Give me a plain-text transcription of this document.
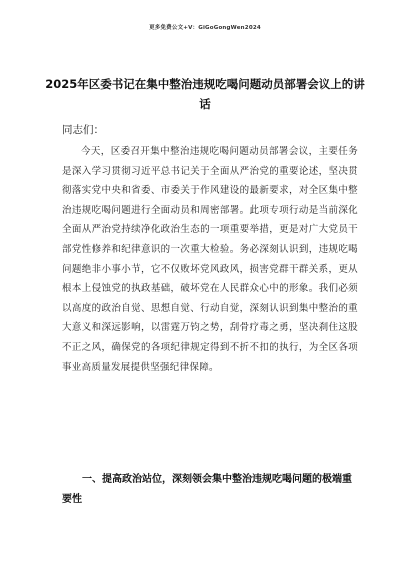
更多免费公文+V：GiGoGongWen2024
2025年区委书记在集中整治违规吃喝问题动员部署会议上的讲话
同志们：
今天，区委召开集中整治违规吃喝问题动员部署会议，主要任务是深入学习贯彻习近平总书记关于全面从严治党的重要论述，坚决贯彻落实党中央和省委、市委关于作风建设的最新要求，对全区集中整治违规吃喝问题进行全面动员和周密部署。此项专项行动是当前深化全面从严治党持续净化政治生态的一项重要举措，更是对广大党员干部党性修养和纪律意识的一次重大检验。务必深刻认识到，违规吃喝问题绝非小事小节，它不仅败坏党风政风，损害党群干群关系，更从根本上侵蚀党的执政基础，破坏党在人民群众心中的形象。我们必须以高度的政治自觉、思想自觉、行动自觉，深刻认识到集中整治的重大意义和深远影响，以雷霆万钧之势，刮骨疗毒之勇，坚决刹住这股不正之风，确保党的各项纪律规定得到不折不扣的执行，为全区各项事业高质量发展提供坚强纪律保障。
一、提高政治站位，深刻领会集中整治违规吃喝问题的极端重要性
